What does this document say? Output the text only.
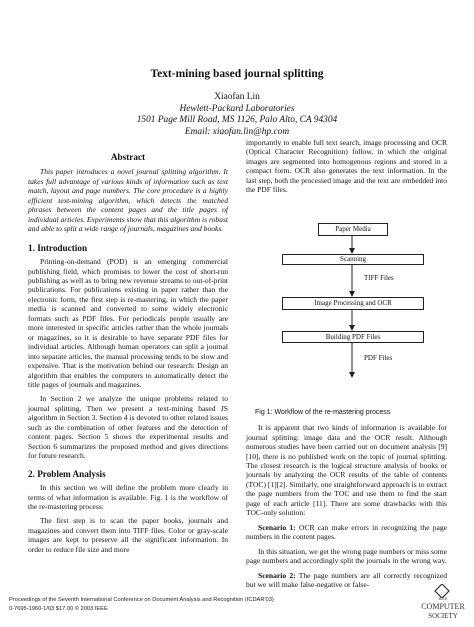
Text-mining based journal splitting
Xiaofan Lin
Hewlett-Packard Laboratories
1501 Page Mill Road, MS 1126, Palo Alto, CA 94304
Email: xiaofan.lin@hp.com
Abstract

This paper introduces a novel journal splitting algorithm. It takes full advantage of various kinds of information such as text match, layout and page numbers. The core procedure is a highly efficient text-mining algorithm, which detects the matched phrases between the content pages and the title pages of individual articles. Experiments show that this algorithm is robust and able to split a wide range of journals, magazines and books.

1. Introduction

Printing-on-demand (POD) is an emerging commercial publishing field, which promises to lower the cost of short-run publishing as well as to bring new revenue streams to out-of-print publications. For publications existing in paper rather than the electronic form, the first step is re-mastering, in which the paper media is scanned and converted to some widely electronic formats such as PDF files. For periodicals people usually are more interested in specific articles rather than the whole journals or magazines, so it is desirable to have separate PDF files for individual articles. Although human operators can split a journal into separate articles, the manual processing tends to be slow and expensive. That is the motivation behind our research: Design an algorithm that enables the computers to automatically detect the title pages of journals and magazines.

In Section 2 we analyze the unique problems related to journal splitting. Then we present a text-mining based JS algorithm in Section 3. Section 4 is devoted to other related issues such as the combination of other features and the detection of content pages. Section 5 shows the experimental results and Section 6 summarizes the proposed method and gives directions for future research.

2. Problem Analysis

In this section we will define the problem more clearly in terms of what information is available. Fig. 1 is the workflow of the re-mastering process:

The first step is to scan the paper books, journals and magazines and convert them into TIFF files. Color or gray-scale images are kept to preserve all the significant information. In order to reduce file size and more

importantly to enable full text search, image processing and OCR (Optical Character Recognition) follow, in which the original images are segmented into homogenous regions and stored in a compact form. OCR also generates the text information. In the last step, both the processed image and the text are embedded into the PDF files.

Paper Media
Scanning
TIFF Files
Image Processing and OCR
Building PDF Files
PDF Files
Fig 1: Workflow of the re-mastering process

It is apparent that two kinds of information is available for journal splitting: image data and the OCR result. Although numerous studies have been carried out on document analysis [9][10], there is no published work on the topic of journal splitting. The closest research is the logical structure analysis of books or journals by analyzing the OCR results of the table of contents (TOC) [1][2]. Similarly, one straightforward approach is to extract the page numbers from the TOC and use them to find the start page of each article [11]. There are some drawbacks with this TOC-only solution:

Scenario 1: OCR can make errors in recognizing the page numbers in the content pages.

In this situation, we get the wrong page numbers or miss some page numbers and accordingly split the journals in the wrong way.

Scenario 2: The page numbers are all correctly recognized but we will make false-negative or false-

Proceedings of the Seventh International Conference on Document Analysis and Recognition (ICDAR'03)
0-7695-1960-1/03 $17.00 © 2003 IEEE
IEEE
COMPUTER
SOCIETY
